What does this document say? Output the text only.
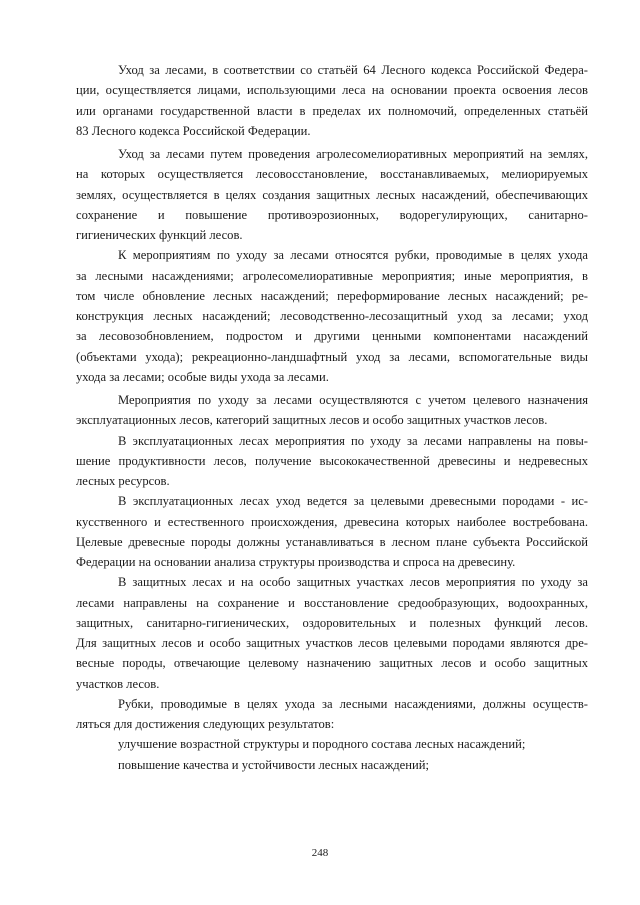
Уход за лесами, в соответствии со статьёй 64 Лесного кодекса Российской Федера-
ции, осуществляется лицами, использующими леса на основании проекта освоения лесов
или органами государственной власти в пределах их полномочий, определенных статьёй
83 Лесного кодекса Российской Федерации.
Уход за лесами путем проведения агролесомелиоративных мероприятий на землях,
на которых осуществляется лесовосстановление, восстанавливаемых, мелиорируемых
землях, осуществляется в целях создания защитных лесных насаждений, обеспечивающих
сохранение и повышение противоэрозионных, водорегулирующих, санитарно-
гигиенических функций лесов.
К мероприятиям по уходу за лесами относятся рубки, проводимые в целях ухода
за лесными насаждениями; агролесомелиоративные мероприятия; иные мероприятия, в
том числе обновление лесных насаждений; переформирование лесных насаждений; ре-
конструкция лесных насаждений; лесоводственно-лесозащитный уход за лесами; уход
за лесовозобновлением, подростом и другими ценными компонентами насаждений
(объектами ухода); рекреационно-ландшафтный уход за лесами, вспомогательные виды
ухода за лесами; особые виды ухода за лесами.
Мероприятия по уходу за лесами осуществляются с учетом целевого назначения
эксплуатационных лесов, категорий защитных лесов и особо защитных участков лесов.
В эксплуатационных лесах мероприятия по уходу за лесами направлены на повы-
шение продуктивности лесов, получение высококачественной древесины и недревесных
лесных ресурсов.
В эксплуатационных лесах уход ведется за целевыми древесными породами - ис-
кусственного и естественного происхождения, древесина которых наиболее востребована.
Целевые древесные породы должны устанавливаться в лесном плане субъекта Российской
Федерации на основании анализа структуры производства и спроса на древесину.
В защитных лесах и на особо защитных участках лесов мероприятия по уходу за
лесами направлены на сохранение и восстановление средообразующих, водоохранных,
защитных, санитарно-гигиенических, оздоровительных и полезных функций лесов.
Для защитных лесов и особо защитных участков лесов целевыми породами являются дре-
весные породы, отвечающие целевому назначению защитных лесов и особо защитных
участков лесов.
Рубки, проводимые в целях ухода за лесными насаждениями, должны осуществ-
ляться для достижения следующих результатов:
улучшение возрастной структуры и породного состава лесных насаждений;
повышение качества и устойчивости лесных насаждений;
248
